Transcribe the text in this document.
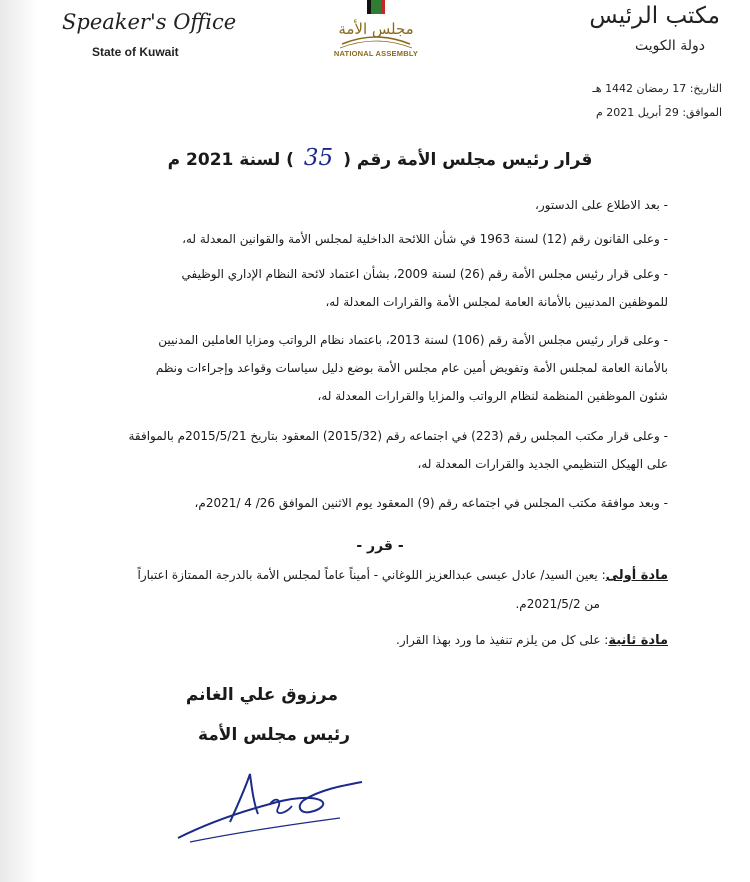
Speaker's Office
State of Kuwait
مجلس الأمة
NATIONAL ASSEMBLY
مكتب الرئيس
دولة الكويت
التاريخ: 17 رمضان 1442 هـ
الموافق: 29 أبريل 2021 م
قرار رئيس مجلس الأمة رقم (35) لسنة 2021 م
- بعد الاطلاع على الدستور،
- وعلى القانون رقم (12) لسنة 1963 في شأن اللائحة الداخلية لمجلس الأمة والقوانين المعدلة له،
- وعلى قرار رئيس مجلس الأمة رقم (26) لسنة 2009، بشأن اعتماد لائحة النظام الإداري الوظيفي
للموظفين المدنيين بالأمانة العامة لمجلس الأمة والقرارات المعدلة له،
- وعلى قرار رئيس مجلس الأمة رقم (106) لسنة 2013، باعتماد نظام الرواتب ومزايا العاملين المدنيين
بالأمانة العامة لمجلس الأمة وتفويض أمين عام مجلس الأمة بوضع دليل سياسات وقواعد وإجراءات ونظم
شئون الموظفين المنظمة لنظام الرواتب والمزايا والقرارات المعدلة له،
- وعلى قرار مكتب المجلس رقم (223) في اجتماعه رقم (2015/32) المعقود بتاريخ 2015/5/21م بالموافقة
على الهيكل التنظيمي الجديد والقرارات المعدلة له،
- وبعد موافقة مكتب المجلس في اجتماعه رقم (9) المعقود يوم الاثنين الموافق 26/ 4 /2021م،
- قرر -
مادة أولى: يعين السيد/ عادل عيسى عبدالعزيز اللوغاني - أميناً عاماً لمجلس الأمة بالدرجة الممتازة اعتباراً
من 2021/5/2م.
مادة ثانية: على كل من يلزم تنفيذ ما ورد بهذا القرار.
مرزوق علي الغانم
رئيس مجلس الأمة
